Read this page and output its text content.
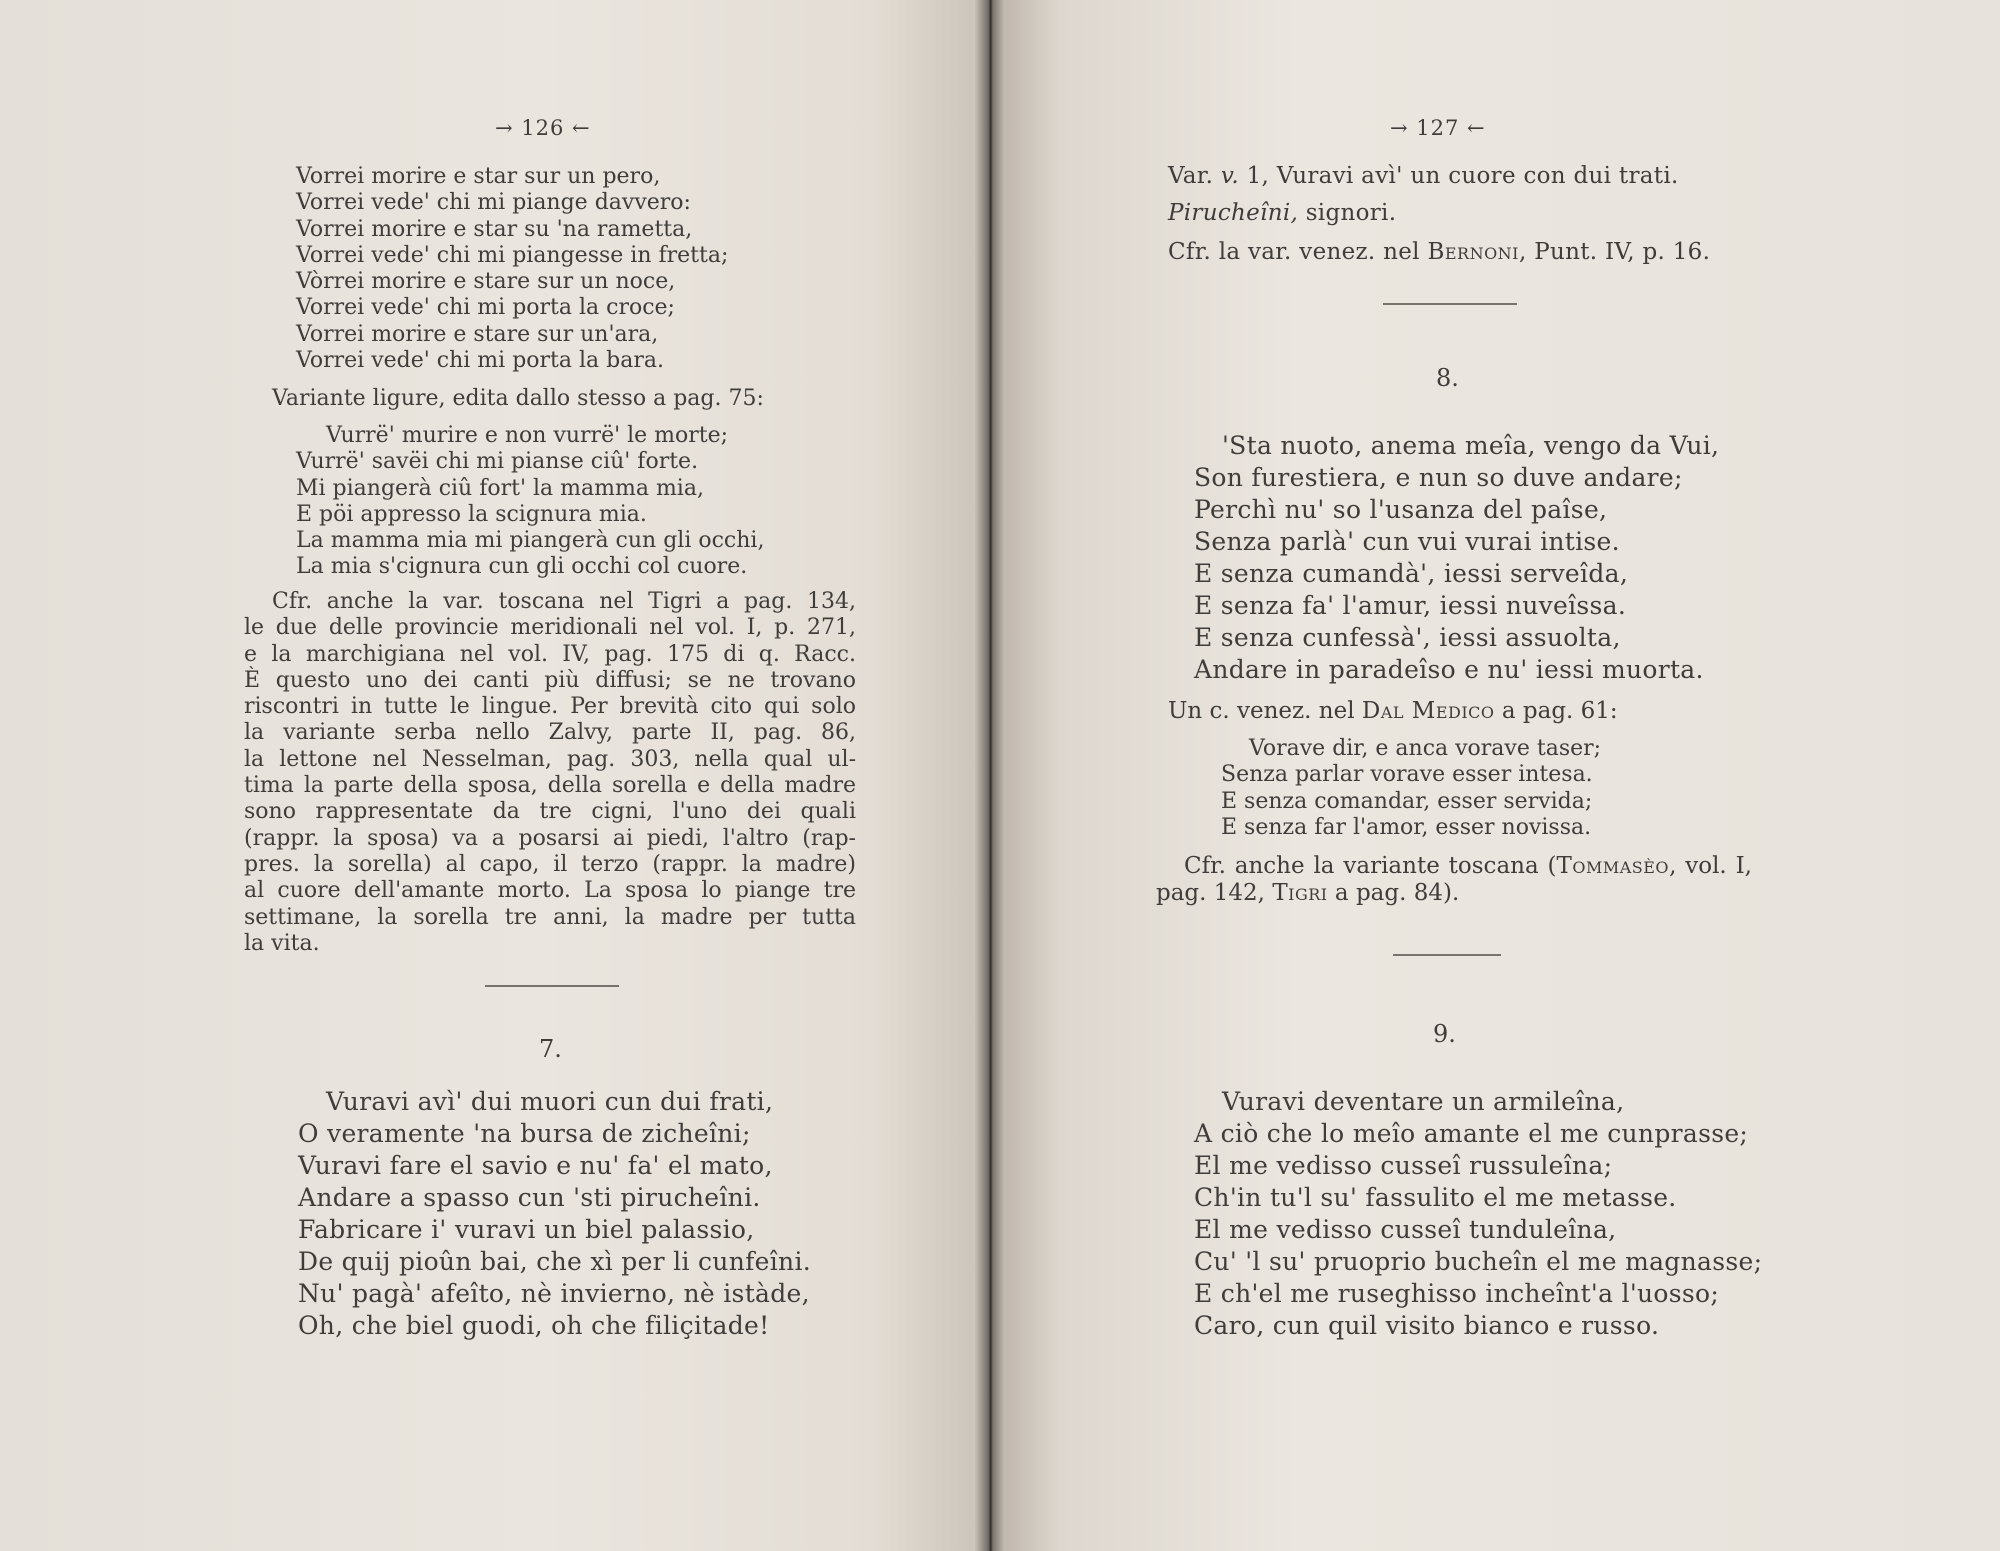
→ 126 ←
Vorrei morire e star sur un pero,
Vorrei vede' chi mi piange davvero:
Vorrei morire e star su 'na rametta,
Vorrei vede' chi mi piangesse in fretta;
Vòrrei morire e stare sur un noce,
Vorrei vede' chi mi porta la croce;
Vorrei morire e stare sur un'ara,
Vorrei vede' chi mi porta la bara.
Variante ligure, edita dallo stesso a pag. 75:
Vurrë' murire e non vurrë' le morte;
Vurrë' savëi chi mi pianse ciû' forte.
Mi piangerà ciû fort' la mamma mia,
E pöi appresso la scignura mia.
La mamma mia mi piangerà cun gli occhi,
La mia s'cignura cun gli occhi col cuore.
Cfr. anche la var. toscana nel Tigri a pag. 134,
le due delle provincie meridionali nel vol. I, p. 271,
e la marchigiana nel vol. IV, pag. 175 di q. Racc.
È questo uno dei canti più diffusi; se ne trovano
riscontri in tutte le lingue. Per brevità cito qui solo
la variante serba nello Zalvy, parte II, pag. 86,
la lettone nel Nesselman, pag. 303, nella qual ul-
tima la parte della sposa, della sorella e della madre
sono rappresentate da tre cigni, l'uno dei quali
(rappr. la sposa) va a posarsi ai piedi, l'altro (rap-
pres. la sorella) al capo, il terzo (rappr. la madre)
al cuore dell'amante morto. La sposa lo piange tre
settimane, la sorella tre anni, la madre per tutta
la vita.
7.
Vuravi avì' dui muori cun dui frati,
O veramente 'na bursa de zicheîni;
Vuravi fare el savio e nu' fa' el mato,
Andare a spasso cun 'sti pirucheîni.
Fabricare i' vuravi un biel palassio,
De quij pioûn bai, che xì per li cunfeîni.
Nu' pagà' afeîto, nè invierno, nè istàde,
Oh, che biel guodi, oh che filiçitade!
→ 127 ←
Var. v. 1, Vuravi avì' un cuore con dui trati.
Pirucheîni, signori.
Cfr. la var. venez. nel Bernoni, Punt. IV, p. 16.
8.
'Sta nuoto, anema meîa, vengo da Vui,
Son furestiera, e nun so duve andare;
Perchì nu' so l'usanza del paîse,
Senza parlà' cun vui vurai intise.
E senza cumandà', iessi serveîda,
E senza fa' l'amur, iessi nuveîssa.
E senza cunfessà', iessi assuolta,
Andare in paradeîso e nu' iessi muorta.
Un c. venez. nel Dal Medico a pag. 61:
Vorave dir, e anca vorave taser;
Senza parlar vorave esser intesa.
E senza comandar, esser servida;
E senza far l'amor, esser novissa.
Cfr. anche la variante toscana (Tommasèo, vol. I,
pag. 142, Tigri a pag. 84).
9.
Vuravi deventare un armileîna,
A ciò che lo meîo amante el me cunprasse;
El me vedisso cusseî russuleîna;
Ch'in tu'l su' fassulito el me metasse.
El me vedisso cusseî tunduleîna,
Cu' 'l su' pruoprio bucheîn el me magnasse;
E ch'el me ruseghisso incheînt'a l'uosso;
Caro, cun quil visito bianco e russo.
